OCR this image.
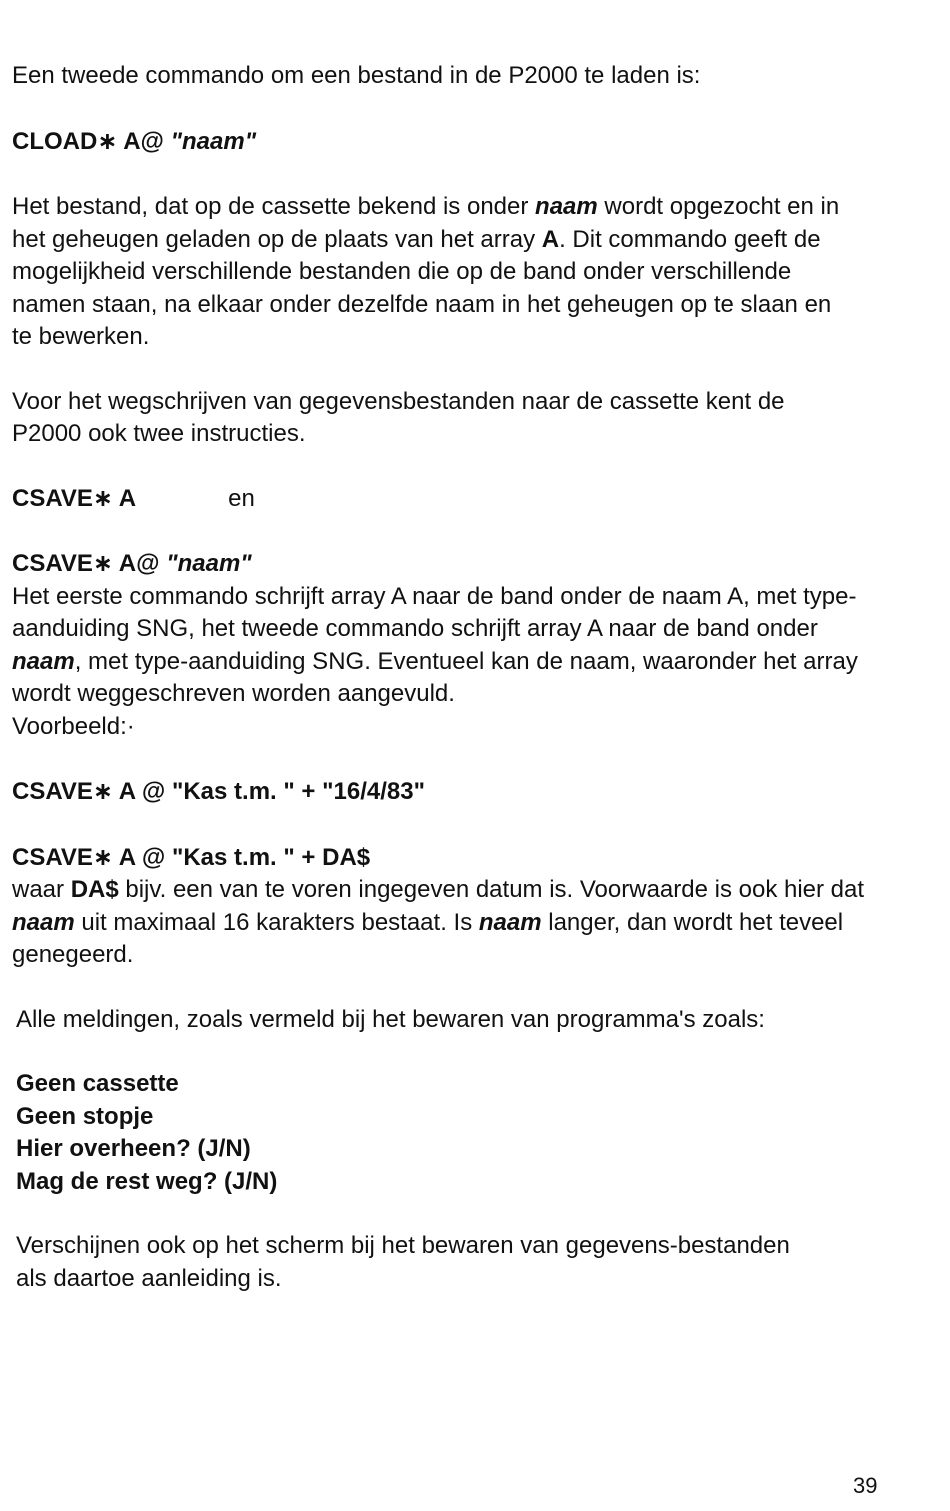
Een tweede commando om een bestand in de P2000 te laden is:

CLOAD∗ A@ "naam"

Het bestand, dat op de cassette bekend is onder naam wordt opgezocht en in het geheugen geladen op de plaats van het array A. Dit commando geeft de mogelijkheid verschillende bestanden die op de band onder verschillende namen staan, na elkaar onder dezelfde naam in het geheugen op te slaan en te bewerken.

Voor het wegschrijven van gegevensbestanden naar de cassette kent de P2000 ook twee instructies.

CSAVE∗ A	en

CSAVE∗ A@ "naam"

Het eerste commando schrijft array A naar de band onder de naam A, met type-aanduiding SNG, het tweede commando schrijft array A naar de band onder naam, met type-aanduiding SNG. Eventueel kan de naam, waaronder het array wordt weggeschreven worden aangevuld.

Voorbeeld:·

CSAVE∗ A @ "Kas t.m. " + "16/4/83"

CSAVE∗ A @ "Kas t.m. " + DA$

waar DA$ bijv. een van te voren ingegeven datum is. Voorwaarde is ook hier dat naam uit maximaal 16 karakters bestaat. Is naam langer, dan wordt het teveel genegeerd.

Alle meldingen, zoals vermeld bij het bewaren van programma's zoals:

Geen cassette

Geen stopje

Hier overheen? (J/N)

Mag de rest weg? (J/N)

Verschijnen ook op het scherm bij het bewaren van gegevens-bestanden als daartoe aanleiding is.

39
